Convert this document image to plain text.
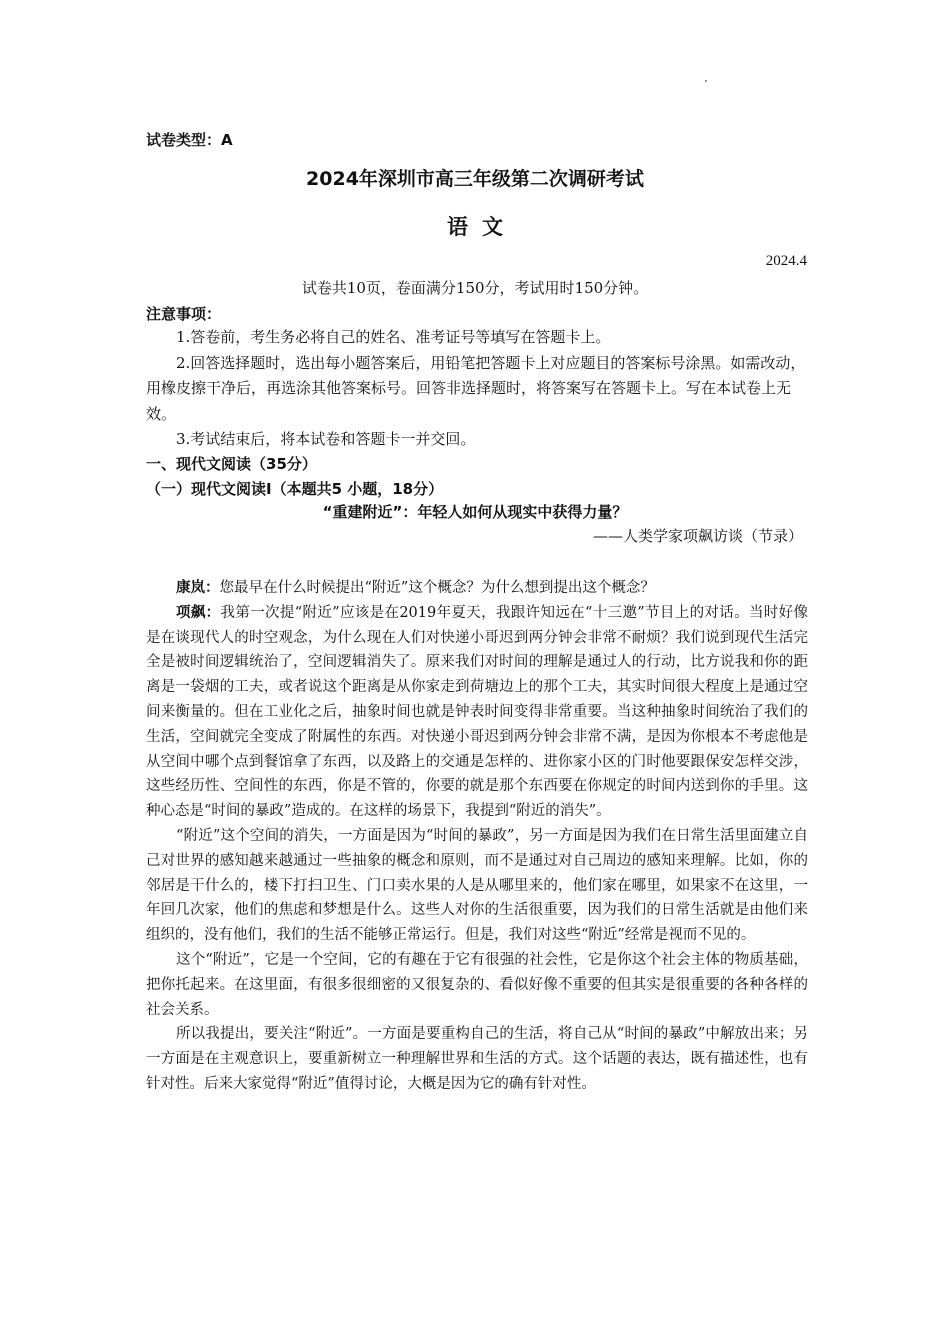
试卷类型：A
2024年深圳市高三年级第二次调研考试
语文
2024.4
试卷共10页，卷面满分150分，考试用时150分钟。
注意事项：

1.答卷前，考生务必将自己的姓名、准考证号等填写在答题卡上。

2.回答选择题时，选出每小题答案后，用铅笔把答题卡上对应题目的答案标号涂黑。如需改动，用橡皮擦干净后，再选涂其他答案标号。回答非选择题时，将答案写在答题卡上。写在本试卷上无效。

3.考试结束后，将本试卷和答题卡一并交回。

一、现代文阅读（35分）
（一）现代文阅读Ⅰ（本题共5 小题，18分）
“重建附近”：年轻人如何从现实中获得力量？
——人类学家项飙访谈（节录）

康岚：您最早在什么时候提出“附近”这个概念？为什么想到提出这个概念？

项飙：我第一次提“附近”应该是在2019年夏天，我跟许知远在“十三邀”节目上的对话。当时好像是在谈现代人的时空观念，为什么现在人们对快递小哥迟到两分钟会非常不耐烦？我们说到现代生活完全是被时间逻辑统治了，空间逻辑消失了。原来我们对时间的理解是通过人的行动，比方说我和你的距离是一袋烟的工夫，或者说这个距离是从你家走到荷塘边上的那个工夫，其实时间很大程度上是通过空间来衡量的。但在工业化之后，抽象时间也就是钟表时间变得非常重要。当这种抽象时间统治了我们的生活，空间就完全变成了附属性的东西。对快递小哥迟到两分钟会非常不满，是因为你根本不考虑他是从空间中哪个点到餐馆拿了东西，以及路上的交通是怎样的、进你家小区的门时他要跟保安怎样交涉，这些经历性、空间性的东西，你是不管的，你要的就是那个东西要在你规定的时间内送到你的手里。这种心态是“时间的暴政”造成的。在这样的场景下，我提到“附近的消失”。

“附近”这个空间的消失，一方面是因为“时间的暴政”，另一方面是因为我们在日常生活里面建立自己对世界的感知越来越通过一些抽象的概念和原则，而不是通过对自己周边的感知来理解。比如，你的邻居是干什么的，楼下打扫卫生、门口卖水果的人是从哪里来的，他们家在哪里，如果家不在这里，一年回几次家，他们的焦虑和梦想是什么。这些人对你的生活很重要，因为我们的日常生活就是由他们来组织的，没有他们，我们的生活不能够正常运行。但是，我们对这些“附近”经常是视而不见的。

这个“附近”，它是一个空间，它的有趣在于它有很强的社会性，它是你这个社会主体的物质基础，把你托起来。在这里面，有很多很细密的又很复杂的、看似好像不重要的但其实是很重要的各种各样的社会关系。

所以我提出，要关注“附近”。一方面是要重构自己的生活，将自己从“时间的暴政”中解放出来；另一方面是在主观意识上，要重新树立一种理解世界和生活的方式。这个话题的表达，既有描述性，也有针对性。后来大家觉得“附近”值得讨论，大概是因为它的确有针对性。
